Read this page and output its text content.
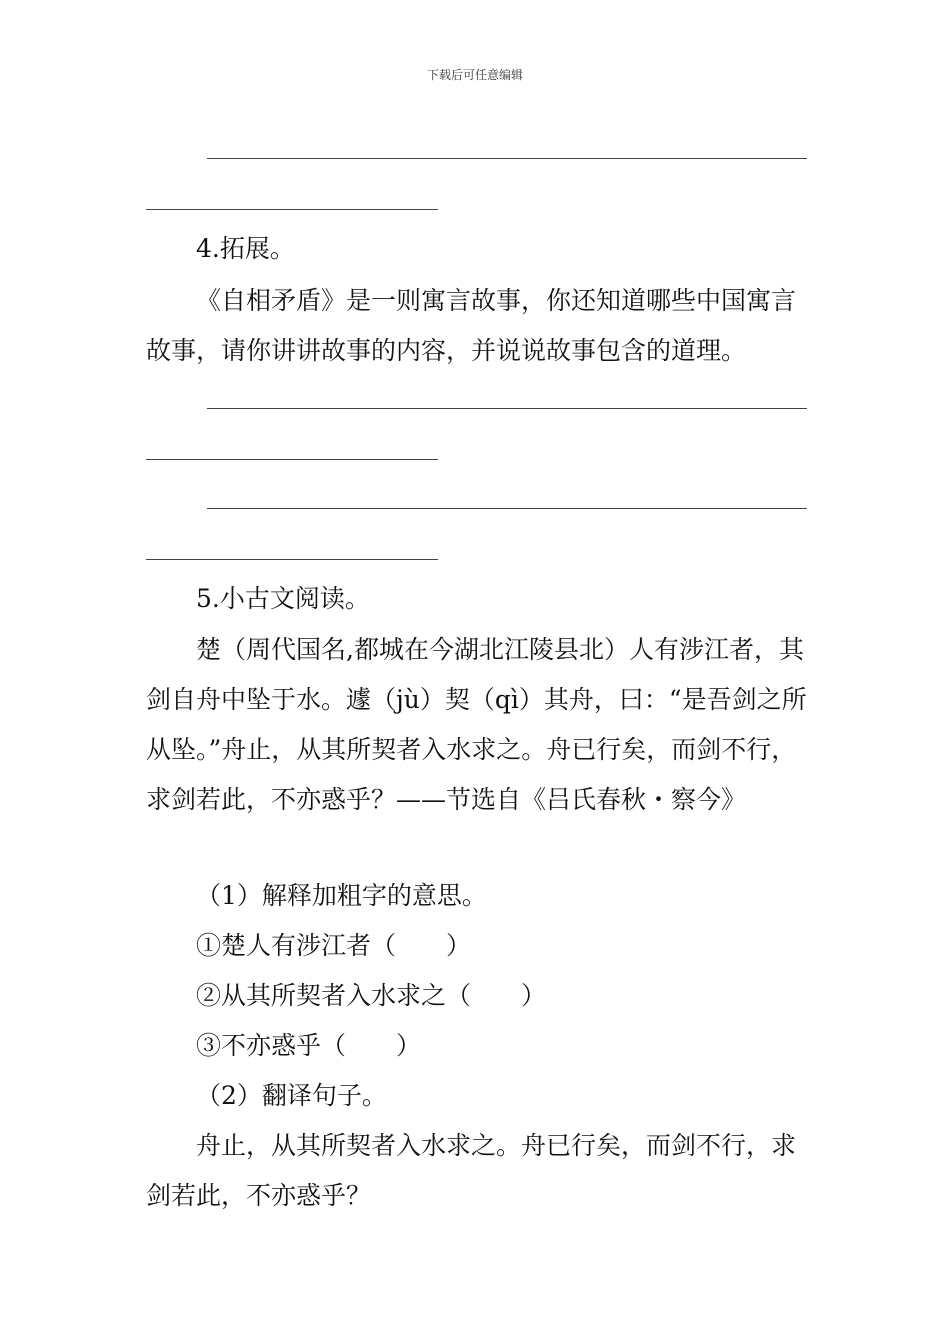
下载后可任意编辑
4.拓展。

《自相矛盾》是一则寓言故事，你还知道哪些中国寓言故事，请你讲讲故事的内容，并说说故事包含的道理。

5.小古文阅读。

楚（周代国名,都城在今湖北江陵县北）人有涉江者，其剑自舟中坠于水。遽（jù）契（qì）其舟，曰：“是吾剑之所从坠。”舟止，从其所契者入水求之。舟已行矣，而剑不行，求剑若此，不亦惑乎？——节选自《吕氏春秋・察今》

（1）解释加粗字的意思。
①楚人有涉江者（　　）
②从其所契者入水求之（　　）
③不亦惑乎（　　）
（2）翻译句子。

舟止，从其所契者入水求之。舟已行矣，而剑不行，求剑若此，不亦惑乎？
